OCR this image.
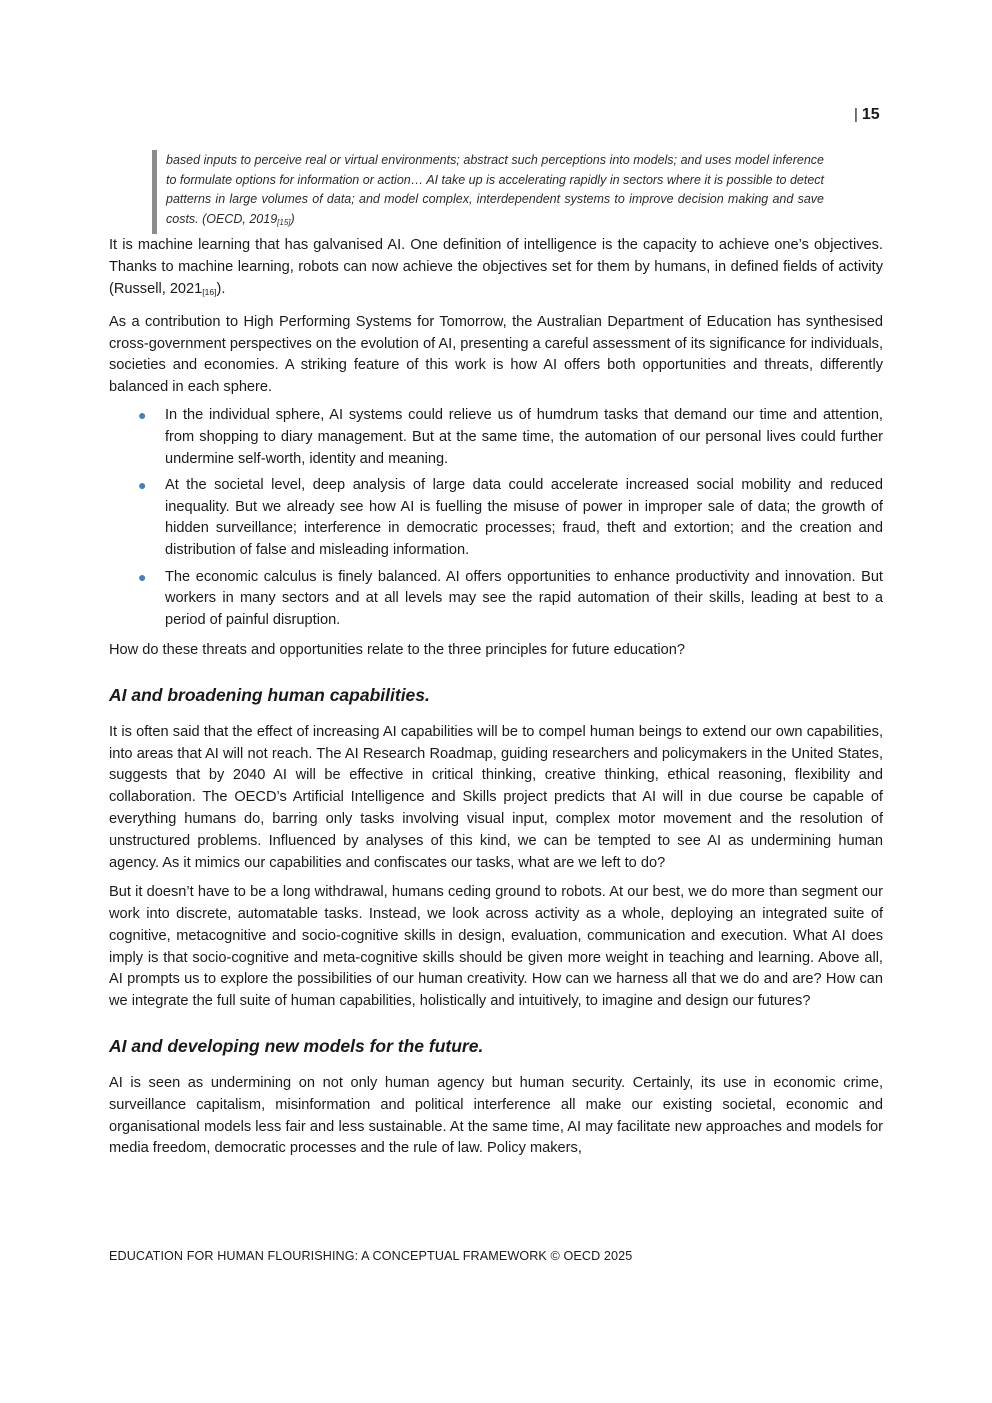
| 15
based inputs to perceive real or virtual environments; abstract such perceptions into models; and uses model inference to formulate options for information or action… AI take up is accelerating rapidly in sectors where it is possible to detect patterns in large volumes of data; and model complex, interdependent systems to improve decision making and save costs. (OECD, $2019_{[15]}$)

It is machine learning that has galvanised AI. One definition of intelligence is the capacity to achieve one’s objectives. Thanks to machine learning, robots can now achieve the objectives set for them by humans, in defined fields of activity (Russell, $2021_{[16]}$).

As a contribution to High Performing Systems for Tomorrow, the Australian Department of Education has synthesised cross-government perspectives on the evolution of AI, presenting a careful assessment of its significance for individuals, societies and economies. A striking feature of this work is how AI offers both opportunities and threats, differently balanced in each sphere.

● In the individual sphere, AI systems could relieve us of humdrum tasks that demand our time and attention, from shopping to diary management. But at the same time, the automation of our personal lives could further undermine self-worth, identity and meaning.
● At the societal level, deep analysis of large data could accelerate increased social mobility and reduced inequality. But we already see how AI is fuelling the misuse of power in improper sale of data; the growth of hidden surveillance; interference in democratic processes; fraud, theft and extortion; and the creation and distribution of false and misleading information.
● The economic calculus is finely balanced. AI offers opportunities to enhance productivity and innovation. But workers in many sectors and at all levels may see the rapid automation of their skills, leading at best to a period of painful disruption.

How do these threats and opportunities relate to the three principles for future education?

AI and broadening human capabilities.

It is often said that the effect of increasing AI capabilities will be to compel human beings to extend our own capabilities, into areas that AI will not reach. The AI Research Roadmap, guiding researchers and policymakers in the United States, suggests that by 2040 AI will be effective in critical thinking, creative thinking, ethical reasoning, flexibility and collaboration. The OECD’s Artificial Intelligence and Skills project predicts that AI will in due course be capable of everything humans do, barring only tasks involving visual input, complex motor movement and the resolution of unstructured problems. Influenced by analyses of this kind, we can be tempted to see AI as undermining human agency. As it mimics our capabilities and confiscates our tasks, what are we left to do?

But it doesn’t have to be a long withdrawal, humans ceding ground to robots. At our best, we do more than segment our work into discrete, automatable tasks. Instead, we look across activity as a whole, deploying an integrated suite of cognitive, metacognitive and socio-cognitive skills in design, evaluation, communication and execution. What AI does imply is that socio-cognitive and meta-cognitive skills should be given more weight in teaching and learning. Above all, AI prompts us to explore the possibilities of our human creativity. How can we harness all that we do and are? How can we integrate the full suite of human capabilities, holistically and intuitively, to imagine and design our futures?

AI and developing new models for the future.

AI is seen as undermining on not only human agency but human security. Certainly, its use in economic crime, surveillance capitalism, misinformation and political interference all make our existing societal, economic and organisational models less fair and less sustainable. At the same time, AI may facilitate new approaches and models for media freedom, democratic processes and the rule of law. Policy makers,

EDUCATION FOR HUMAN FLOURISHING: A CONCEPTUAL FRAMEWORK © OECD 2025
